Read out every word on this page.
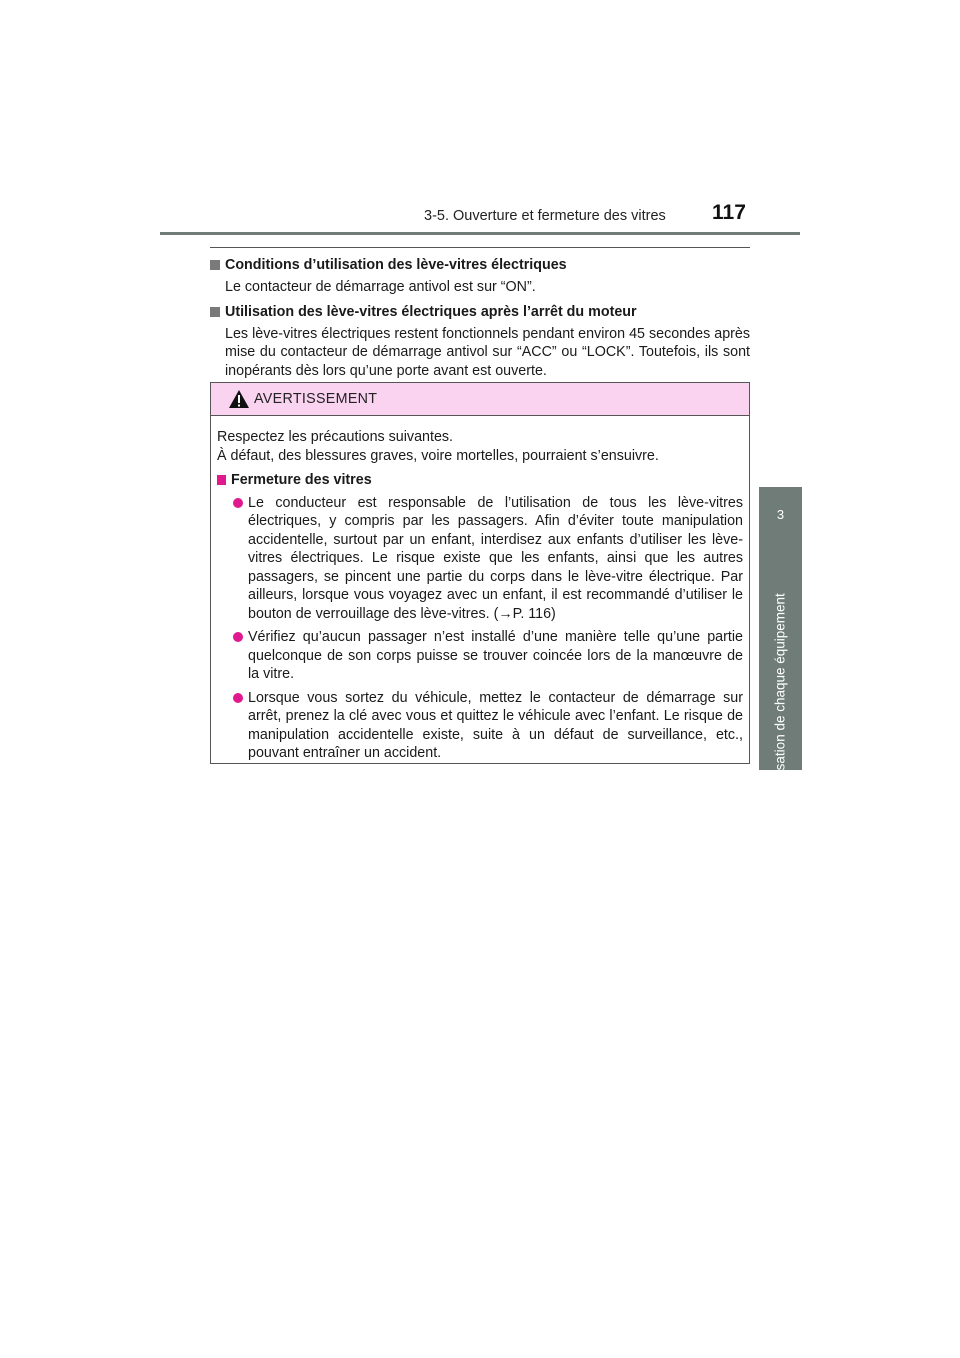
3-5. Ouverture et fermeture des vitres 117
3
Utilisation de chaque équipement

Conditions d’utilisation des lève-vitres électriques

Le contacteur de démarrage antivol est sur “ON”.

Utilisation des lève-vitres électriques après l’arrêt du moteur

Les lève-vitres électriques restent fonctionnels pendant environ 45 secondes après mise du contacteur de démarrage antivol sur “ACC” ou “LOCK”. Toutefois, ils sont inopérants dès lors qu’une porte avant est ouverte.

AVERTISSEMENT

Respectez les précautions suivantes.

À défaut, des blessures graves, voire mortelles, pourraient s’ensuivre.

Fermeture des vitres

Le conducteur est responsable de l’utilisation de tous les lève-vitres électriques, y compris par les passagers. Afin d’éviter toute manipulation accidentelle, surtout par un enfant, interdisez aux enfants d’utiliser les lève-vitres électriques. Le risque existe que les enfants, ainsi que les autres passagers, se pincent une partie du corps dans le lève-vitre électrique. Par ailleurs, lorsque vous voyagez avec un enfant, il est recommandé d’utiliser le bouton de verrouillage des lève-vitres. (→P. 116)

Vérifiez qu’aucun passager n’est installé d’une manière telle qu’une partie quelconque de son corps puisse se trouver coincée lors de la manœuvre de la vitre.

Lorsque vous sortez du véhicule, mettez le contacteur de démarrage sur arrêt, prenez la clé avec vous et quittez le véhicule avec l’enfant. Le risque de manipulation accidentelle existe, suite à un défaut de surveillance, etc., pouvant entraîner un accident.
